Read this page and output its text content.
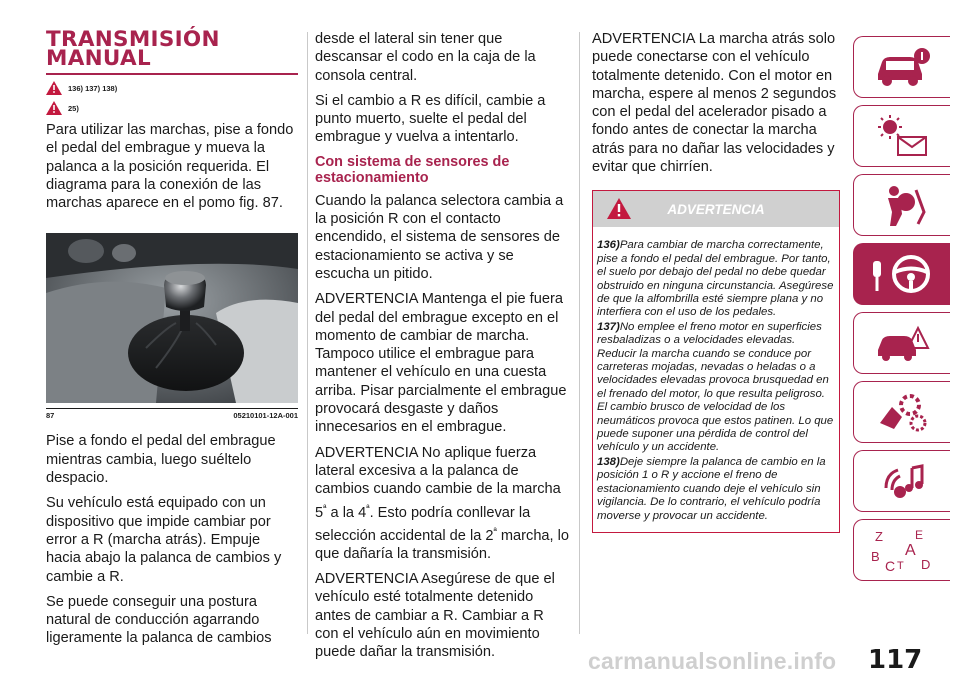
TRANSMISIÓN
MANUAL
136) 137) 138)
25)

Para utilizar las marchas, pise a fondo el pedal del embrague y mueva la palanca a la posición requerida. El diagrama para la conexión de las marchas aparece en el pomo fig. 87.

87	05210101-12A-001

Pise a fondo el pedal del embrague mientras cambia, luego suéltelo despacio.

Su vehículo está equipado con un dispositivo que impide cambiar por error a R (marcha atrás). Empuje hacia abajo la palanca de cambios y cambie a R.

Se puede conseguir una postura natural de conducción agarrando ligeramente la palanca de cambios

desde el lateral sin tener que descansar el codo en la caja de la consola central.

Si el cambio a R es difícil, cambie a punto muerto, suelte el pedal del embrague y vuelva a intentarlo.

Con sistema de sensores de estacionamiento

Cuando la palanca selectora cambia a la posición R con el contacto encendido, el sistema de sensores de estacionamiento se activa y se escucha un pitido.

ADVERTENCIA Mantenga el pie fuera del pedal del embrague excepto en el momento de cambiar de marcha. Tampoco utilice el embrague para mantener el vehículo en una cuesta arriba. Pisar parcialmente el embrague provocará desgaste y daños innecesarios en el embrague.

ADVERTENCIA No aplique fuerza lateral excesiva a la palanca de cambios cuando cambie de la marcha $5^ª$ a la $4^ª$. Esto podría conllevar la selección accidental de la $2^ª$ marcha, lo que dañaría la transmisión.

ADVERTENCIA Asegúrese de que el vehículo esté totalmente detenido antes de cambiar a R. Cambiar a R con el vehículo aún en movimiento puede dañar la transmisión.

ADVERTENCIA La marcha atrás solo puede conectarse con el vehículo totalmente detenido. Con el motor en marcha, espere al menos 2 segundos con el pedal del acelerador pisado a fondo antes de conectar la marcha atrás para no dañar las velocidades y evitar que chirríen.

ADVERTENCIA

136)Para cambiar de marcha correctamente, pise a fondo el pedal del embrague. Por tanto, el suelo por debajo del pedal no debe quedar obstruido en ninguna circunstancia. Asegúrese de que la alfombrilla esté siempre plana y no interfiera con el uso de los pedales.

137)No emplee el freno motor en superficies resbaladizas o a velocidades elevadas. Reducir la marcha cuando se conduce por carreteras mojadas, nevadas o heladas o a velocidades elevadas provoca brusquedad en el frenado del motor, lo que resulta peligroso. El cambio brusco de velocidad de los neumáticos provoca que estos patinen. Lo que puede suponer una pérdida de control del vehículo y un accidente.

138)Deje siempre la palanca de cambio en la posición 1 o R y accione el freno de estacionamiento cuando deje el vehículo sin vigilancia. De lo contrario, el vehículo podría moverse y provocar un accidente.

Z	E
A
B
C T D
carmanualsonline.info 117
